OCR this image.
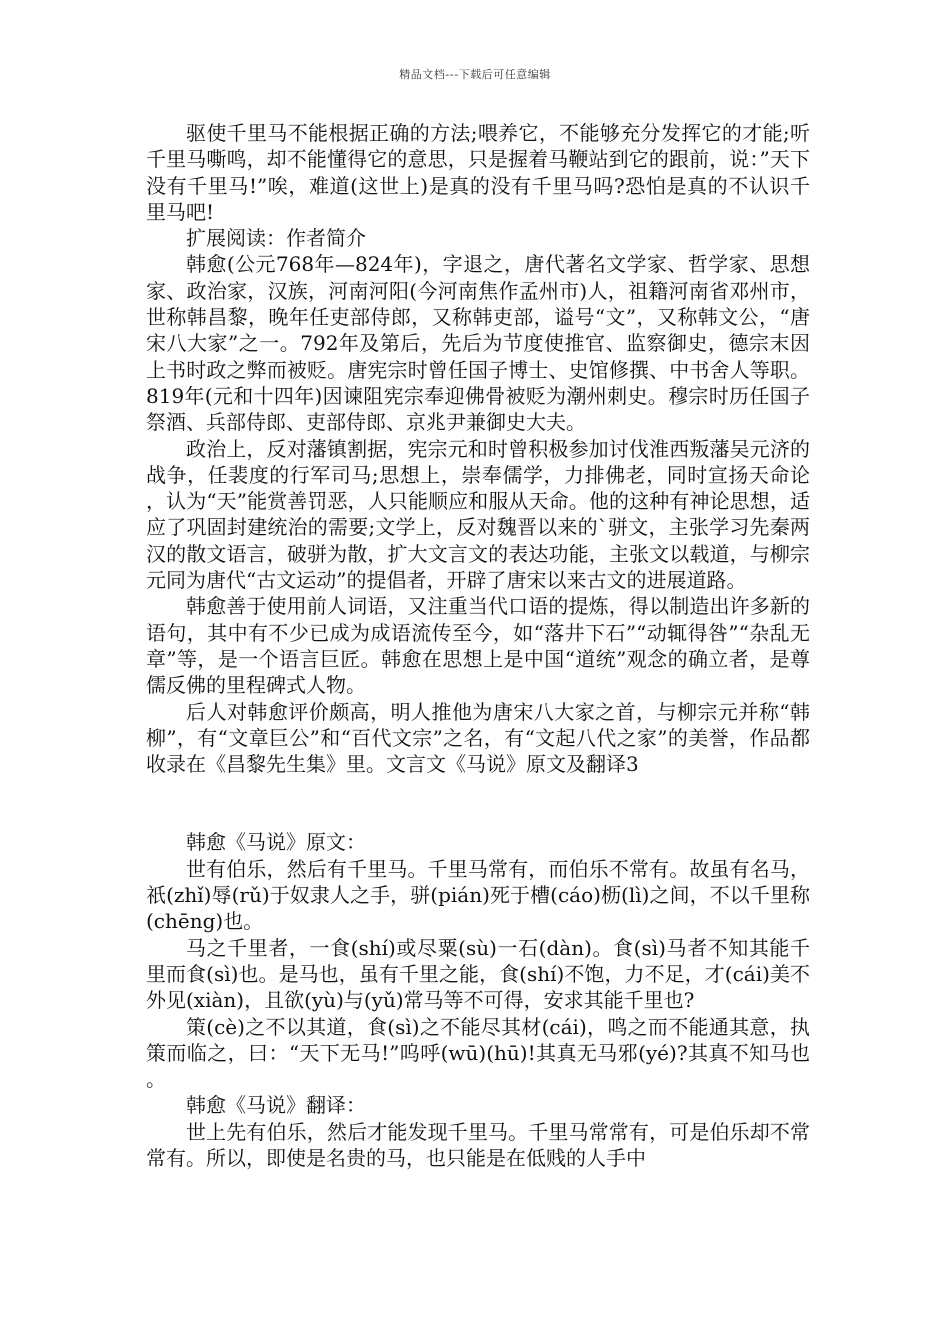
精品文档---下载后可任意编辑

驱使千里马不能根据正确的方法;喂养它，不能够充分发挥它的才能;听千里马嘶鸣，却不能懂得它的意思，只是握着马鞭站到它的跟前，说：”天下没有千里马!”唉，难道(这世上)是真的没有千里马吗?恐怕是真的不认识千里马吧!

扩展阅读：作者简介

韩愈(公元768年—824年)，字退之，唐代著名文学家、哲学家、思想家、政治家，汉族，河南河阳(今河南焦作孟州市)人，祖籍河南省邓州市，世称韩昌黎，晚年任吏部侍郎，又称韩吏部，谥号“文”，又称韩文公，“唐宋八大家”之一。792年及第后，先后为节度使推官、监察御史，德宗末因上书时政之弊而被贬。唐宪宗时曾任国子博士、史馆修撰、中书舍人等职。819年(元和十四年)因谏阻宪宗奉迎佛骨被贬为潮州刺史。穆宗时历任国子祭酒、兵部侍郎、吏部侍郎、京兆尹兼御史大夫。

政治上，反对藩镇割据，宪宗元和时曾积极参加讨伐淮西叛藩吴元济的战争，任裴度的行军司马;思想上，崇奉儒学，力排佛老，同时宣扬天命论，认为“天”能赏善罚恶，人只能顺应和服从天命。他的这种有神论思想，适应了巩固封建统治的需要;文学上，反对魏晋以来的`骈文，主张学习先秦两汉的散文语言，破骈为散，扩大文言文的表达功能，主张文以载道，与柳宗元同为唐代“古文运动”的提倡者，开辟了唐宋以来古文的进展道路。

韩愈善于使用前人词语，又注重当代口语的提炼，得以制造出许多新的语句，其中有不少已成为成语流传至今，如“落井下石”“动辄得咎”“杂乱无章”等，是一个语言巨匠。韩愈在思想上是中国“道统”观念的确立者，是尊儒反佛的里程碑式人物。

后人对韩愈评价颇高，明人推他为唐宋八大家之首，与柳宗元并称“韩柳”，有“文章巨公”和“百代文宗”之名，有“文起八代之家”的美誉，作品都收录在《昌黎先生集》里。文言文《马说》原文及翻译3

韩愈《马说》原文：

世有伯乐，然后有千里马。千里马常有，而伯乐不常有。故虽有名马，祇(zhǐ)辱(rǔ)于奴隶人之手，骈(pián)死于槽(cáo)枥(lì)之间，不以千里称(chēng)也。

马之千里者，一食(shí)或尽粟(sù)一石(dàn)。食(sì)马者不知其能千里而食(sì)也。是马也，虽有千里之能，食(shí)不饱，力不足，才(cái)美不外见(xiàn)，且欲(yù)与(yǔ)常马等不可得，安求其能千里也?

策(cè)之不以其道，食(sì)之不能尽其材(cái)，鸣之而不能通其意，执策而临之，曰：“天下无马!”呜呼(wū)(hū)!其真无马邪(yé)?其真不知马也。

韩愈《马说》翻译：

世上先有伯乐，然后才能发现千里马。千里马常常有，可是伯乐却不常常有。所以，即使是名贵的马，也只能是在低贱的人手中
